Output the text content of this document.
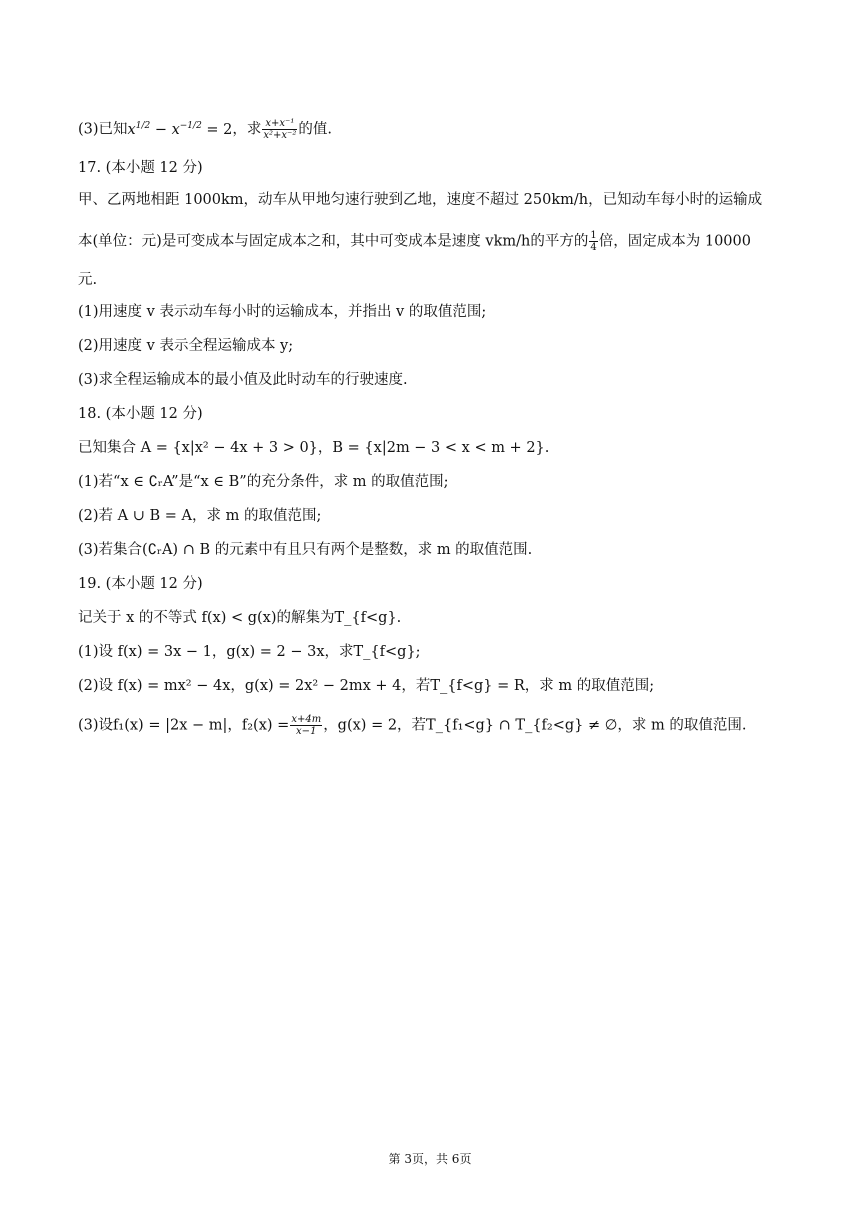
(3)已知$x^{1/2} - x^{-1/2} = 2$，求 $\frac{\text{x+x⁻¹}}{\text{x²+x⁻²}}$ 的值.
17. (本小题 12 分)
甲、乙两地相距 1000km，动车从甲地匀速行驶到乙地，速度不超过 250km/h，已知动车每小时的运输成
本(单位：元)是可变成本与固定成本之和，其中可变成本是速度 vkm/h的平方的 $\frac{1}{4}$ 倍，固定成本为 10000
元.
(1)用速度 v 表示动车每小时的运输成本，并指出 v 的取值范围;
(2)用速度 v 表示全程运输成本 y;
(3)求全程运输成本的最小值及此时动车的行驶速度.
18. (本小题 12 分)
已知集合 A = {x|x² − 4x + 3 > 0}，B = {x|2m − 3 < x < m + 2}.
(1)若“x ∈ ∁ᵣA”是“x ∈ B”的充分条件，求 m 的取值范围;
(2)若 A ∪ B = A，求 m 的取值范围;
(3)若集合(∁ᵣA) ∩ B 的元素中有且只有两个是整数，求 m 的取值范围.
19. (本小题 12 分)
记关于 x 的不等式 f(x) < g(x)的解集为T_{f<g}.
(1)设 f(x) = 3x − 1，g(x) = 2 − 3x，求T_{f<g};
(2)设 f(x) = mx² − 4x，g(x) = 2x² − 2mx + 4，若T_{f<g} = R，求 m 的取值范围;
(3)设f₁(x) = |2x − m|，$f_2(x) = \frac{x+4m}{x-1}$ ，g(x) = 2，若T_{f₁<g} ∩ T_{f₂<g} ≠ ∅，求 m 的取值范围.
第 3页，共 6页
